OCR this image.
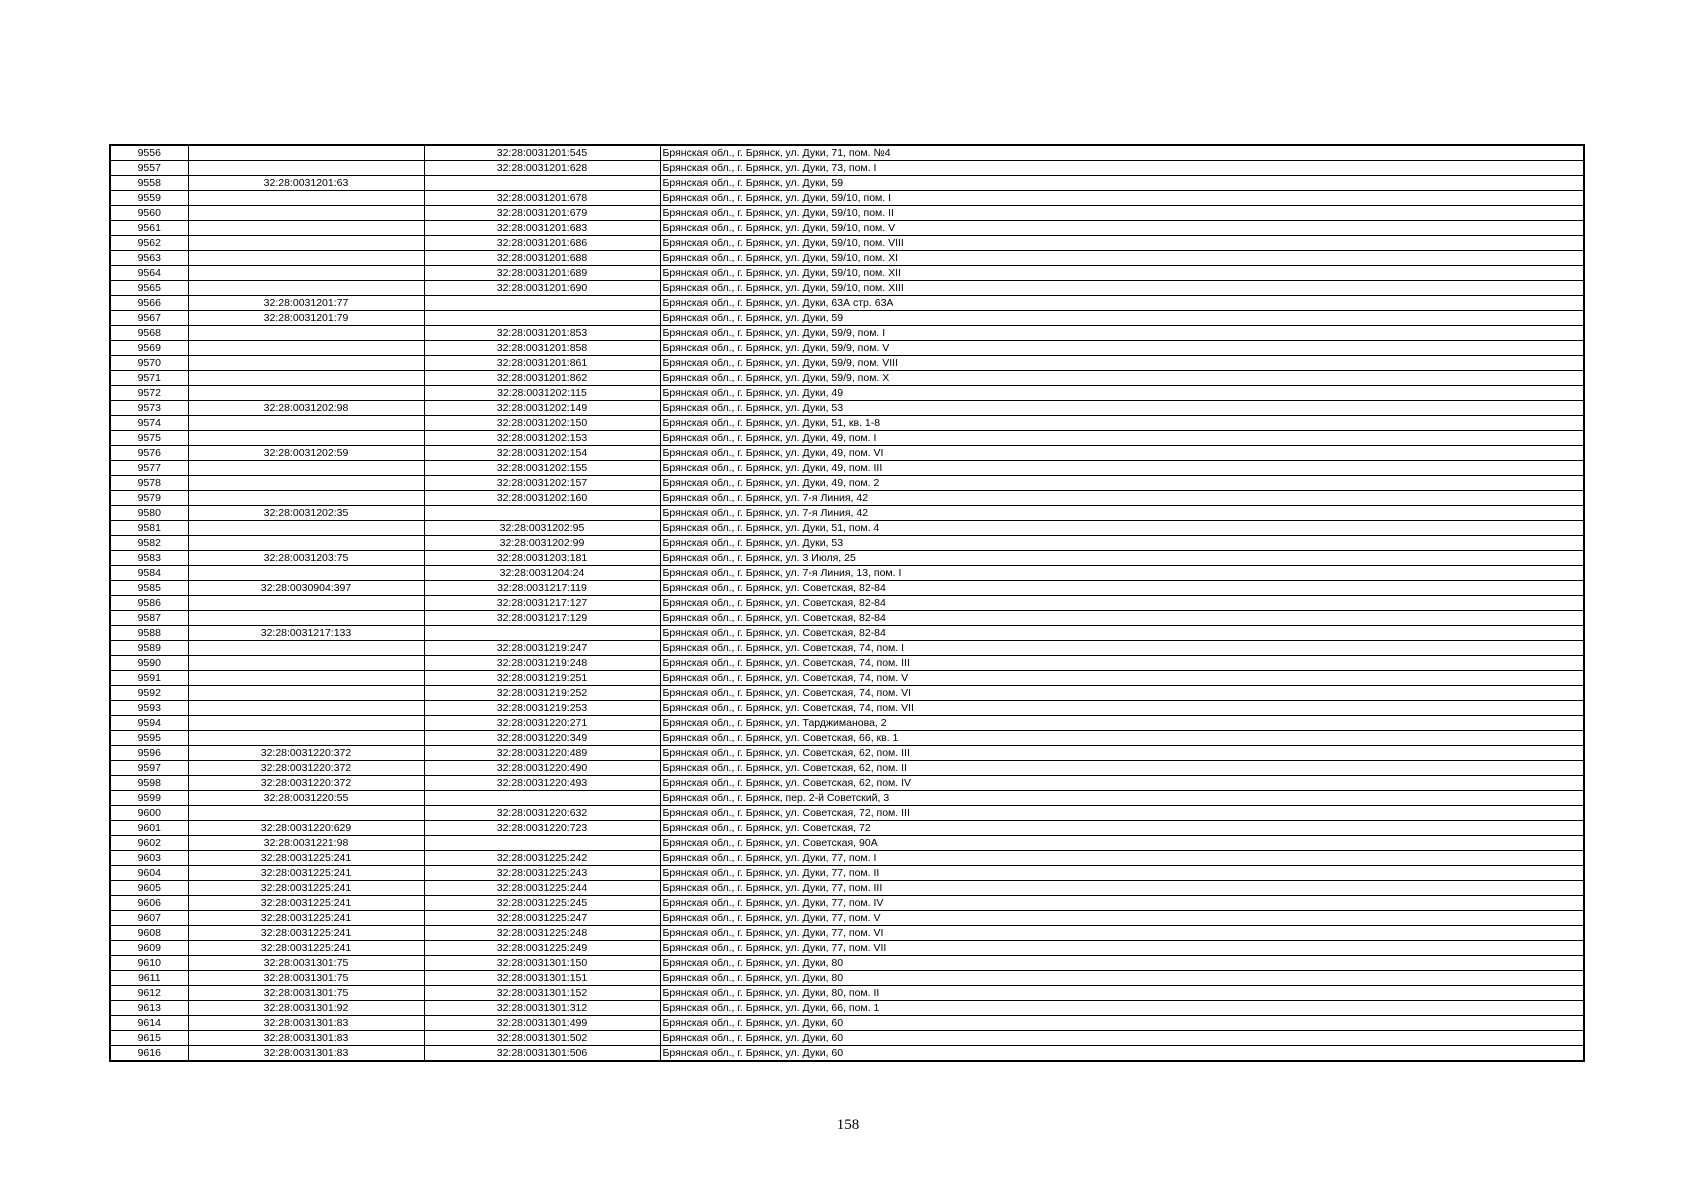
9556		32:28:0031201:545	Брянская обл., г. Брянск, ул. Дуки, 71, пом. №4
9557		32:28:0031201:628	Брянская обл., г. Брянск, ул. Дуки, 73, пом. I
9558	32:28:0031201:63		Брянская обл., г. Брянск, ул. Дуки, 59
9559		32:28:0031201:678	Брянская обл., г. Брянск, ул. Дуки, 59/10, пом. I
9560		32:28:0031201:679	Брянская обл., г. Брянск, ул. Дуки, 59/10, пом. II
9561		32:28:0031201:683	Брянская обл., г. Брянск, ул. Дуки, 59/10, пом. V
9562		32:28:0031201:686	Брянская обл., г. Брянск, ул. Дуки, 59/10, пом. VIII
9563		32:28:0031201:688	Брянская обл., г. Брянск, ул. Дуки, 59/10, пом. XI
9564		32:28:0031201:689	Брянская обл., г. Брянск, ул. Дуки, 59/10, пом. XII
9565		32:28:0031201:690	Брянская обл., г. Брянск, ул. Дуки, 59/10, пом. XIII
9566	32:28:0031201:77		Брянская обл., г. Брянск, ул. Дуки, 63А стр. 63А
9567	32:28:0031201:79		Брянская обл., г. Брянск, ул. Дуки, 59
9568		32:28:0031201:853	Брянская обл., г. Брянск, ул. Дуки, 59/9, пом. I
9569		32:28:0031201:858	Брянская обл., г. Брянск, ул. Дуки, 59/9, пом. V
9570		32:28:0031201:861	Брянская обл., г. Брянск, ул. Дуки, 59/9, пом. VIII
9571		32:28:0031201:862	Брянская обл., г. Брянск, ул. Дуки, 59/9, пом. X
9572		32:28:0031202:115	Брянская обл., г. Брянск, ул. Дуки, 49
9573	32:28:0031202:98	32:28:0031202:149	Брянская обл., г. Брянск, ул. Дуки, 53
9574		32:28:0031202:150	Брянская обл., г. Брянск, ул. Дуки, 51, кв. 1-8
9575		32:28:0031202:153	Брянская обл., г. Брянск, ул. Дуки, 49, пом. I
9576	32:28:0031202:59	32:28:0031202:154	Брянская обл., г. Брянск, ул. Дуки, 49, пом. VI
9577		32:28:0031202:155	Брянская обл., г. Брянск, ул. Дуки, 49, пом. III
9578		32:28:0031202:157	Брянская обл., г. Брянск, ул. Дуки, 49, пом. 2
9579		32:28:0031202:160	Брянская обл., г. Брянск, ул. 7-я Линия, 42
9580	32:28:0031202:35		Брянская обл., г. Брянск, ул. 7-я Линия, 42
9581		32:28:0031202:95	Брянская обл., г. Брянск, ул. Дуки, 51, пом. 4
9582		32:28:0031202:99	Брянская обл., г. Брянск, ул. Дуки, 53
9583	32:28:0031203:75	32:28:0031203:181	Брянская обл., г. Брянск, ул. 3 Июля, 25
9584		32:28:0031204:24	Брянская обл., г. Брянск, ул. 7-я Линия, 13, пом. I
9585	32:28:0030904:397	32:28:0031217:119	Брянская обл., г. Брянск, ул. Советская, 82-84
9586		32:28:0031217:127	Брянская обл., г. Брянск, ул. Советская, 82-84
9587		32:28:0031217:129	Брянская обл., г. Брянск, ул. Советская, 82-84
9588	32:28:0031217:133		Брянская обл., г. Брянск, ул. Советская, 82-84
9589		32:28:0031219:247	Брянская обл., г. Брянск, ул. Советская, 74, пом. I
9590		32:28:0031219:248	Брянская обл., г. Брянск, ул. Советская, 74, пом. III
9591		32:28:0031219:251	Брянская обл., г. Брянск, ул. Советская, 74, пом. V
9592		32:28:0031219:252	Брянская обл., г. Брянск, ул. Советская, 74, пом. VI
9593		32:28:0031219:253	Брянская обл., г. Брянск, ул. Советская, 74, пом. VII
9594		32:28:0031220:271	Брянская обл., г. Брянск, ул. Тарджиманова, 2
9595		32:28:0031220:349	Брянская обл., г. Брянск, ул. Советская, 66, кв. 1
9596	32:28:0031220:372	32:28:0031220:489	Брянская обл., г. Брянск, ул. Советская, 62, пом. III
9597	32:28:0031220:372	32:28:0031220:490	Брянская обл., г. Брянск, ул. Советская, 62, пом. II
9598	32:28:0031220:372	32:28:0031220:493	Брянская обл., г. Брянск, ул. Советская, 62, пом. IV
9599	32:28:0031220:55		Брянская обл., г. Брянск, пер. 2-й Советский, 3
9600		32:28:0031220:632	Брянская обл., г. Брянск, ул. Советская, 72, пом. III
9601	32:28:0031220:629	32:28:0031220:723	Брянская обл., г. Брянск, ул. Советская, 72
9602	32:28:0031221:98		Брянская обл., г. Брянск, ул. Советская, 90А
9603	32:28:0031225:241	32:28:0031225:242	Брянская обл., г. Брянск, ул. Дуки, 77, пом. I
9604	32:28:0031225:241	32:28:0031225:243	Брянская обл., г. Брянск, ул. Дуки, 77, пом. II
9605	32:28:0031225:241	32:28:0031225:244	Брянская обл., г. Брянск, ул. Дуки, 77, пом. III
9606	32:28:0031225:241	32:28:0031225:245	Брянская обл., г. Брянск, ул. Дуки, 77, пом. IV
9607	32:28:0031225:241	32:28:0031225:247	Брянская обл., г. Брянск, ул. Дуки, 77, пом. V
9608	32:28:0031225:241	32:28:0031225:248	Брянская обл., г. Брянск, ул. Дуки, 77, пом. VI
9609	32:28:0031225:241	32:28:0031225:249	Брянская обл., г. Брянск, ул. Дуки, 77, пом. VII
9610	32:28:0031301:75	32:28:0031301:150	Брянская обл., г. Брянск, ул. Дуки, 80
9611	32:28:0031301:75	32:28:0031301:151	Брянская обл., г. Брянск, ул. Дуки, 80
9612	32:28:0031301:75	32:28:0031301:152	Брянская обл., г. Брянск, ул. Дуки, 80, пом. II
9613	32:28:0031301:92	32:28:0031301:312	Брянская обл., г. Брянск, ул. Дуки, 66, пом. 1
9614	32:28:0031301:83	32:28:0031301:499	Брянская обл., г. Брянск, ул. Дуки, 60
9615	32:28:0031301:83	32:28:0031301:502	Брянская обл., г. Брянск, ул. Дуки, 60
9616	32:28:0031301:83	32:28:0031301:506	Брянская обл., г. Брянск, ул. Дуки, 60
158
